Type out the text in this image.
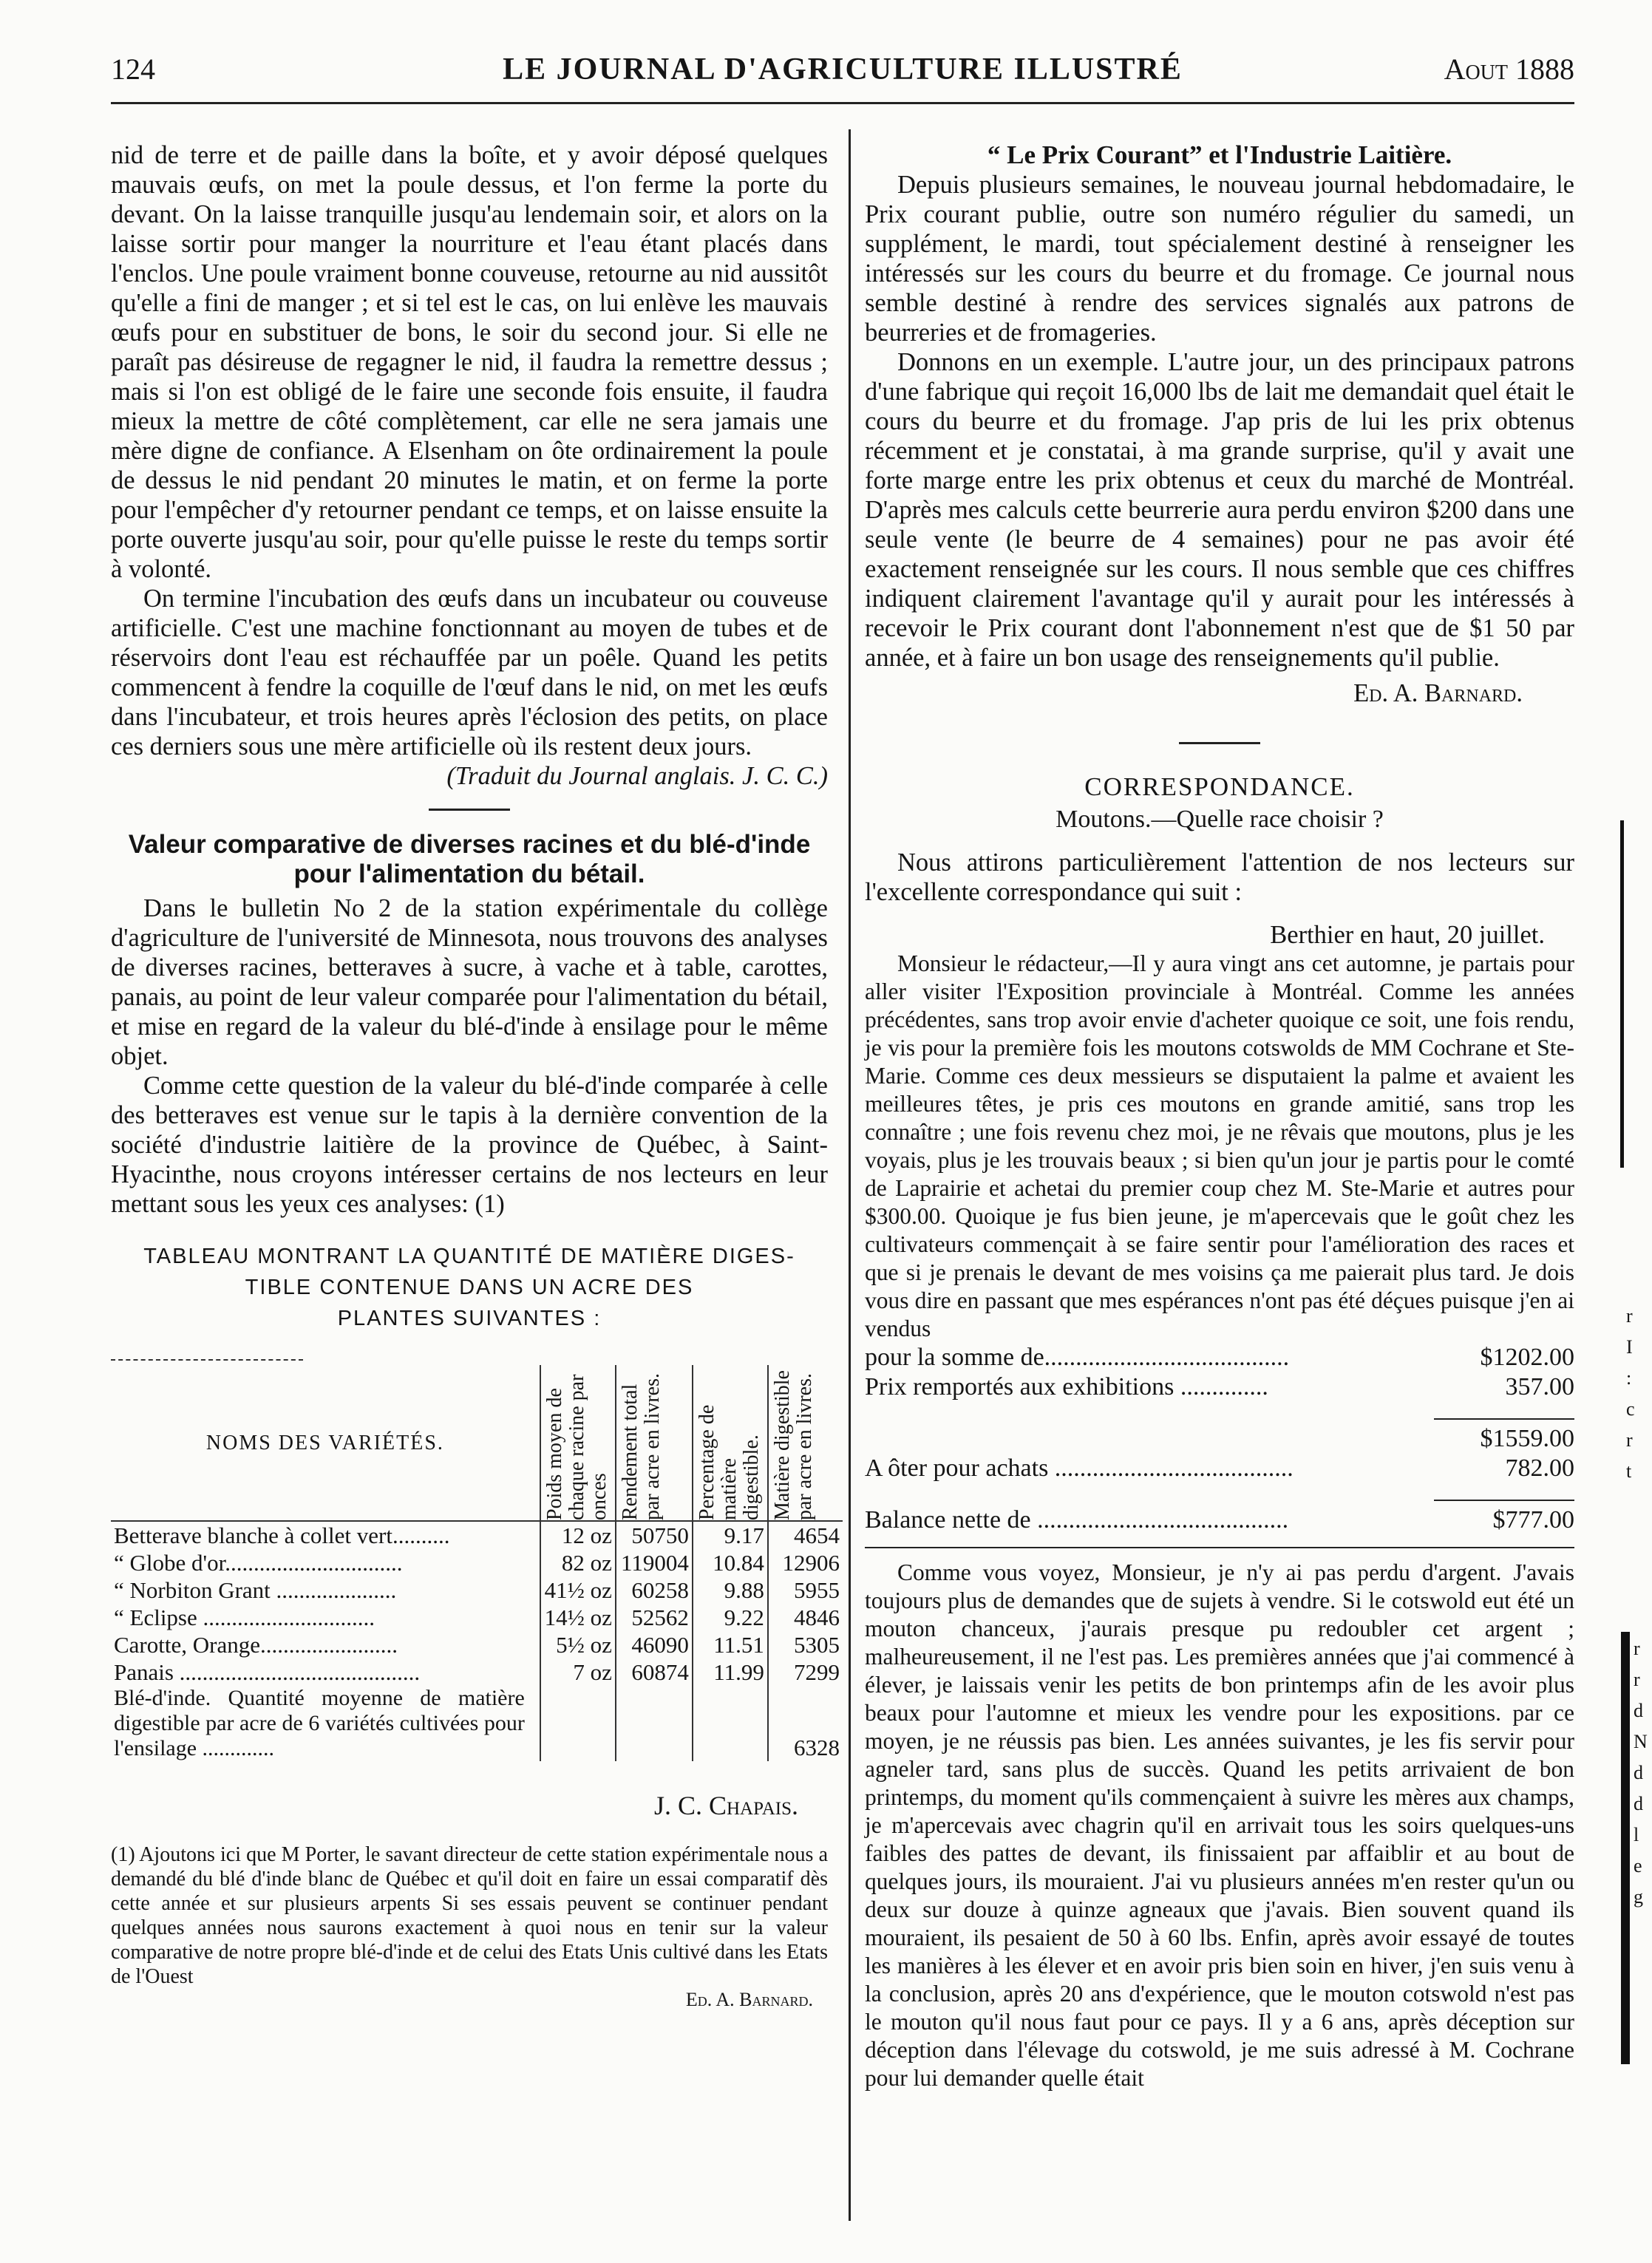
124	LE JOURNAL D'AGRICULTURE ILLUSTRÉ	Aout 1888

nid de terre et de paille dans la boîte, et y avoir déposé quelques mauvais œufs, on met la poule dessus, et l'on ferme la porte du devant. On la laisse tranquille jusqu'au lendemain soir, et alors on la laisse sortir pour manger la nourriture et l'eau étant placés dans l'enclos. Une poule vraiment bonne couveuse, retourne au nid aussitôt qu'elle a fini de manger ; et si tel est le cas, on lui enlève les mauvais œufs pour en substituer de bons, le soir du second jour. Si elle ne paraît pas désireuse de regagner le nid, il faudra la remettre dessus ; mais si l'on est obligé de le faire une seconde fois ensuite, il faudra mieux la mettre de côté complètement, car elle ne sera jamais une mère digne de confiance. A Elsenham on ôte ordinairement la poule de dessus le nid pendant 20 minutes le matin, et on ferme la porte pour l'empêcher d'y retourner pendant ce temps, et on laisse ensuite la porte ouverte jusqu'au soir, pour qu'elle puisse le reste du temps sortir à volonté.

On termine l'incubation des œufs dans un incubateur ou couveuse artificielle. C'est une machine fonctionnant au moyen de tubes et de réservoirs dont l'eau est réchauffée par un poêle. Quand les petits commencent à fendre la coquille de l'œuf dans le nid, on met les œufs dans l'incubateur, et trois heures après l'éclosion des petits, on place ces derniers sous une mère artificielle où ils restent deux jours.

(Traduit du Journal anglais. J. C. C.)

Valeur comparative de diverses racines et du blé-d'inde pour l'alimentation du bétail.

Dans le bulletin No 2 de la station expérimentale du collège d'agriculture de l'université de Minnesota, nous trouvons des analyses de diverses racines, betteraves à sucre, à vache et à table, carottes, panais, au point de leur valeur comparée pour l'alimentation du bétail, et mise en regard de la valeur du blé-d'inde à ensilage pour le même objet.

Comme cette question de la valeur du blé-d'inde comparée à celle des betteraves est venue sur le tapis à la dernière convention de la société d'industrie laitière de la province de Québec, à Saint-Hyacinthe, nous croyons intéresser certains de nos lecteurs en leur mettant sous les yeux ces analyses: (1)

TABLEAU MONTRANT LA QUANTITÉ DE MATIÈRE DIGES-
TIBLE CONTENUE DANS UN ACRE DES
PLANTES SUIVANTES :
NOMS DES VARIÉTÉS.	Poids moyen de chaque racine par onces	Rendement total par acre en livres.	Percentage de matière digestible.	Matière digestible par acre en livres.

Betterave blanche à collet vert..........	12 oz	50750	9.17	4654
“ Globe d'or...............................	82 oz	119004	10.84	12906
“ Norbiton Grant .....................	41½ oz	60258	9.88	5955
“ Eclipse ..............................	14½ oz	52562	9.22	4846
Carotte, Orange........................	5½ oz	46090	11.51	5305
Panais ..........................................	7 oz	60874	11.99	7299
Blé-d'inde. Quantité moyenne de matière digestible par acre de 6 variétés cultivées pour l'ensilage .............				6328

J. C. Chapais.

(1) Ajoutons ici que M Porter, le savant directeur de cette station expérimentale nous a demandé du blé d'inde blanc de Québec et qu'il doit en faire un essai comparatif dès cette année et sur plusieurs arpents Si ses essais peuvent se continuer pendant quelques années nous saurons exactement à quoi nous en tenir sur la valeur comparative de notre propre blé-d'inde et de celui des Etats Unis cultivé dans les Etats de l'Ouest

Ed. A. Barnard.

“ Le Prix Courant” et l'Industrie Laitière.

Depuis plusieurs semaines, le nouveau journal hebdomadaire, le Prix courant publie, outre son numéro régulier du samedi, un supplément, le mardi, tout spécialement destiné à renseigner les intéressés sur les cours du beurre et du fromage. Ce journal nous semble destiné à rendre des services signalés aux patrons de beurreries et de fromageries.

Donnons en un exemple. L'autre jour, un des principaux patrons d'une fabrique qui reçoit 16,000 lbs de lait me demandait quel était le cours du beurre et du fromage. J'ap pris de lui les prix obtenus récemment et je constatai, à ma grande surprise, qu'il y avait une forte marge entre les prix obtenus et ceux du marché de Montréal. D'après mes calculs cette beurrerie aura perdu environ $200 dans une seule vente (le beurre de 4 semaines) pour ne pas avoir été exactement renseignée sur les cours. Il nous semble que ces chiffres indiquent clairement l'avantage qu'il y aurait pour les intéressés à recevoir le Prix courant dont l'abonnement n'est que de $1 50 par année, et à faire un bon usage des renseignements qu'il publie.

Ed. A. Barnard.

CORRESPONDANCE.
Moutons.—Quelle race choisir ?

Nous attirons particulièrement l'attention de nos lecteurs sur l'excellente correspondance qui suit :

Berthier en haut, 20 juillet.

Monsieur le rédacteur,—Il y aura vingt ans cet automne, je partais pour aller visiter l'Exposition provinciale à Montréal. Comme les années précédentes, sans trop avoir envie d'acheter quoique ce soit, une fois rendu, je vis pour la première fois les moutons cotswolds de MM Cochrane et Ste-Marie. Comme ces deux messieurs se disputaient la palme et avaient les meilleures têtes, je pris ces moutons en grande amitié, sans trop les connaître ; une fois revenu chez moi, je ne rêvais que moutons, plus je les voyais, plus je les trouvais beaux ; si bien qu'un jour je partis pour le comté de Laprairie et achetai du premier coup chez M. Ste-Marie et autres pour $300.00. Quoique je fus bien jeune, je m'apercevais que le goût chez les cultivateurs commençait à se faire sentir pour l'amélioration des races et que si je prenais le devant de mes voisins ça me paierait plus tard. Je dois vous dire en passant que mes espérances n'ont pas été déçues puisque j'en ai vendus

pour la somme de.......................................	$1202.00
Prix remportés aux exhibitions ..............	357.00
$1559.00
A ôter pour achats ......................................	782.00
Balance nette de ........................................	$777.00

Comme vous voyez, Monsieur, je n'y ai pas perdu d'argent. J'avais toujours plus de demandes que de sujets à vendre. Si le cotswold eut été un mouton chanceux, j'aurais presque pu redoubler cet argent ; malheureusement, il ne l'est pas. Les premières années que j'ai commencé à élever, je laissais venir les petits de bon printemps afin de les avoir plus beaux pour l'automne et mieux les vendre pour les expositions. par ce moyen, je ne réussis pas bien. Les années suivantes, je les fis servir pour agneler tard, sans plus de succès. Quand les petits arrivaient de bon printemps, du moment qu'ils commençaient à suivre les mères aux champs, je m'apercevais avec chagrin qu'il en arrivait tous les soirs quelques-uns faibles des pattes de devant, ils finissaient par affaiblir et au bout de quelques jours, ils mouraient. J'ai vu plusieurs années m'en rester qu'un ou deux sur douze à quinze agneaux que j'avais. Bien souvent quand ils mouraient, ils pesaient de 50 à 60 lbs. Enfin, après avoir essayé de toutes les manières à les élever et en avoir pris bien soin en hiver, j'en suis venu à la conclusion, après 20 ans d'expérience, que le mouton cotswold n'est pas le mouton qu'il nous faut pour ce pays. Il y a 6 ans, après déception sur déception dans l'élevage du cotswold, je me suis adressé à M. Cochrane pour lui demander quelle était

r
I
:
c
r
t
r
r
d
N
d
d
l
e
g
